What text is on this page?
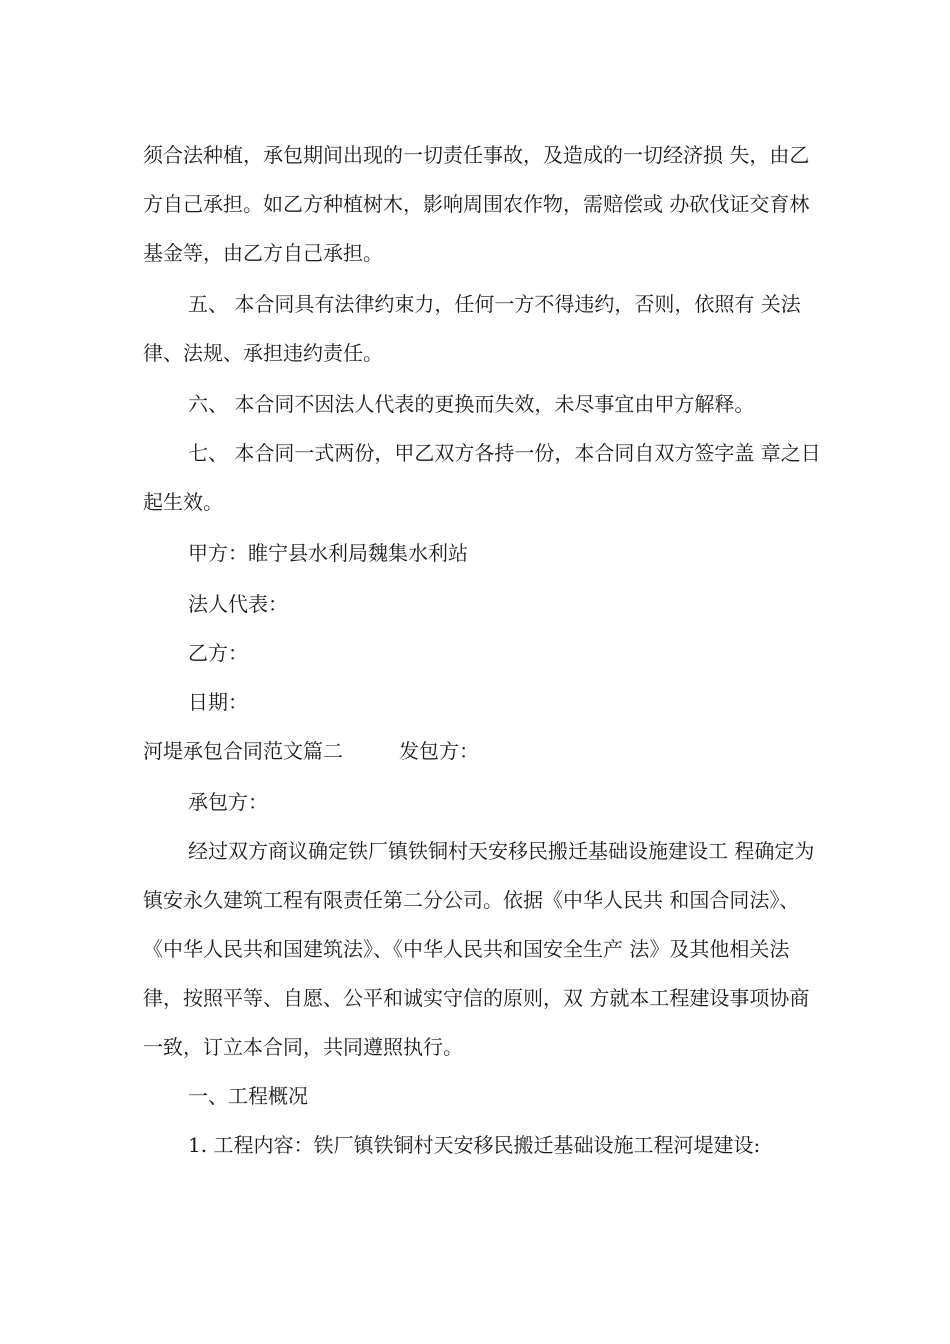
须合法种植，承包期间出现的一切责任事故，及造成的一切经济损 失，由乙
方自己承担。如乙方种植树木，影响周围农作物，需赔偿或 办砍伐证交育林
基金等，由乙方自己承担。
五、 本合同具有法律约束力，任何一方不得违约，否则，依照有 关法
律、法规、承担违约责任。
六、 本合同不因法人代表的更换而失效，未尽事宜由甲方解释。
七、 本合同一式两份，甲乙双方各持一份，本合同自双方签字盖 章之日
起生效。
甲方：睢宁县水利局魏集水利站
法人代表：
乙方：
日期：
河堤承包合同范文篇二	发包方：
承包方：
经过双方商议确定铁厂镇铁铜村天安移民搬迁基础设施建设工 程确定为
镇安永久建筑工程有限责任第二分公司。依据《中华人民共 和国合同法》、
《中华人民共和国建筑法》、《中华人民共和国安全生产 法》及其他相关法
律，按照平等、自愿、公平和诚实守信的原则，双 方就本工程建设事项协商
一致，订立本合同，共同遵照执行。
一、工程概况
1. 工程内容：铁厂镇铁铜村天安移民搬迁基础设施工程河堤建设:
